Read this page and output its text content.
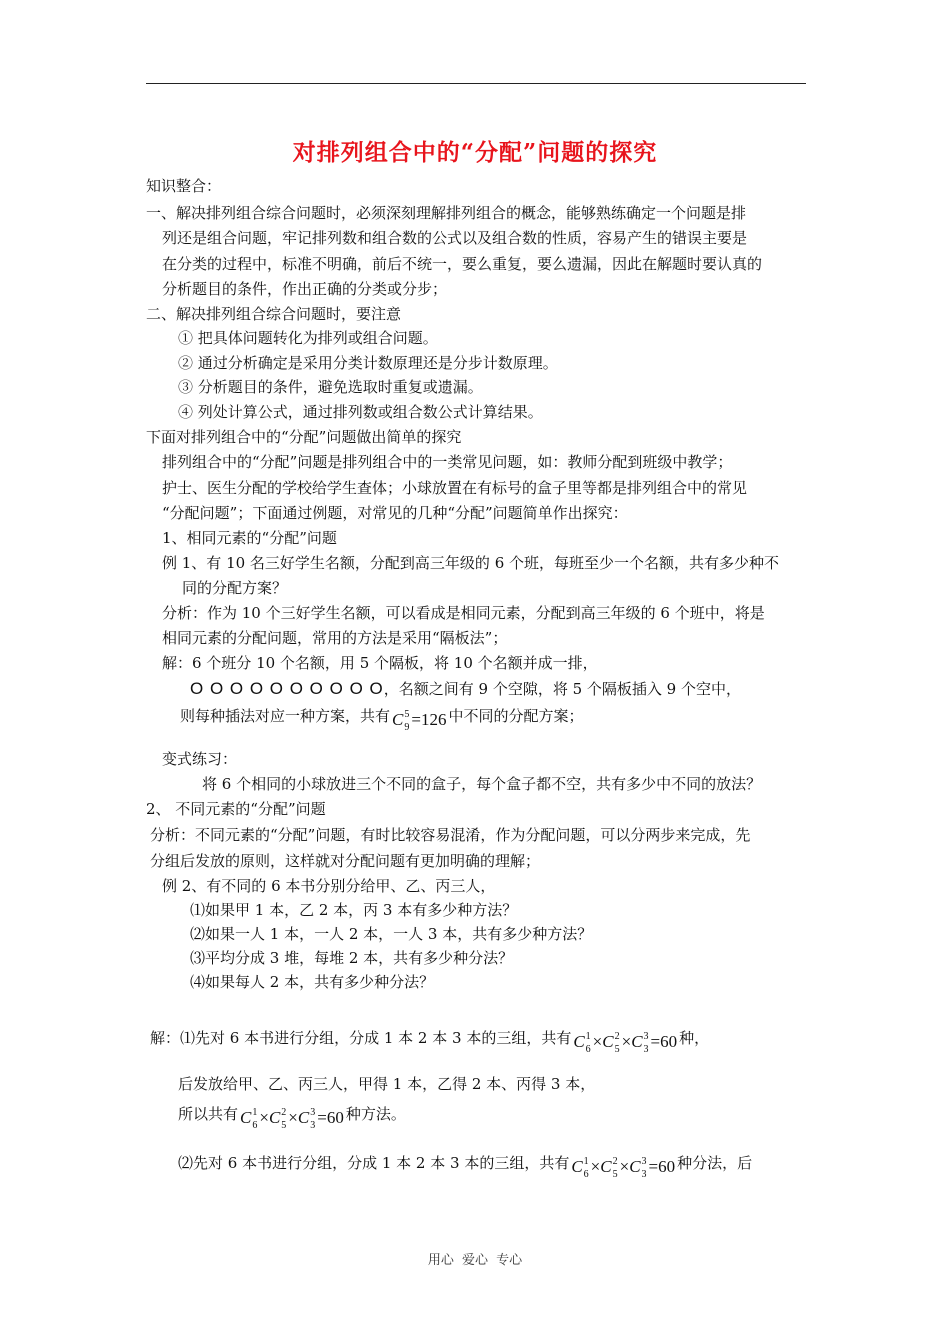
对排列组合中的“分配”问题的探究
知识整合：
一、解决排列组合综合问题时，必须深刻理解排列组合的概念，能够熟练确定一个问题是排
列还是组合问题，牢记排列数和组合数的公式以及组合数的性质，容易产生的错误主要是
在分类的过程中，标准不明确，前后不统一，要么重复，要么遗漏，因此在解题时要认真的
分析题目的条件，作出正确的分类或分步；
二、解决排列组合综合问题时，要注意
① 把具体问题转化为排列或组合问题。
② 通过分析确定是采用分类计数原理还是分步计数原理。
③ 分析题目的条件，避免选取时重复或遗漏。
④ 列处计算公式，通过排列数或组合数公式计算结果。
下面对排列组合中的“分配”问题做出简单的探究
排列组合中的“分配”问题是排列组合中的一类常见问题，如：教师分配到班级中教学；
护士、医生分配的学校给学生查体；小球放置在有标号的盒子里等都是排列组合中的常见
“分配问题”；下面通过例题，对常见的几种“分配”问题简单作出探究：
1、相同元素的“分配”问题
例 1、有 10 名三好学生名额，分配到高三年级的 6 个班，每班至少一个名额，共有多少种不
同的分配方案？
分析：作为 10 个三好学生名额，可以看成是相同元素，分配到高三年级的 6 个班中，将是
相同元素的分配问题，常用的方法是采用“隔板法”；
解：6 个班分 10 个名额，用 5 个隔板，将 10 个名额并成一排，
O O O O O O O O O O，名额之间有 9 个空隙，将 5 个隔板插入 9 个空中，
则每种插法对应一种方案，共有 C 5
9 =126 中不同的分配方案；
变式练习：
将 6 个相同的小球放进三个不同的盒子，每个盒子都不空，共有多少中不同的放法？
2、 不同元素的“分配”问题
分析：不同元素的“分配”问题，有时比较容易混淆，作为分配问题，可以分两步来完成，先
分组后发放的原则，这样就对分配问题有更加明确的理解；
例 2、有不同的 6 本书分别分给甲、乙、丙三人，
⑴如果甲 1 本，乙 2 本，丙 3 本有多少种方法？
⑵如果一人 1 本，一人 2 本，一人 3 本，共有多少种方法？
⑶平均分成 3 堆，每堆 2 本，共有多少种分法？
⑷如果每人 2 本，共有多少种分法？
解：⑴先对 6 本书进行分组，分成 1 本 2 本 3 本的三组，共有 C 1
6 ×C 2
5 ×C 3
3 =60 种，
后发放给甲、乙、丙三人，甲得 1 本，乙得 2 本、丙得 3 本，
所以共有 C 1
6 ×C 2
5 ×C 3
3 =60 种方法。
⑵先对 6 本书进行分组，分成 1 本 2 本 3 本的三组，共有 C 1
6 ×C 2
5 ×C 3
3 =60 种分法，后
用心 爱心 专心
